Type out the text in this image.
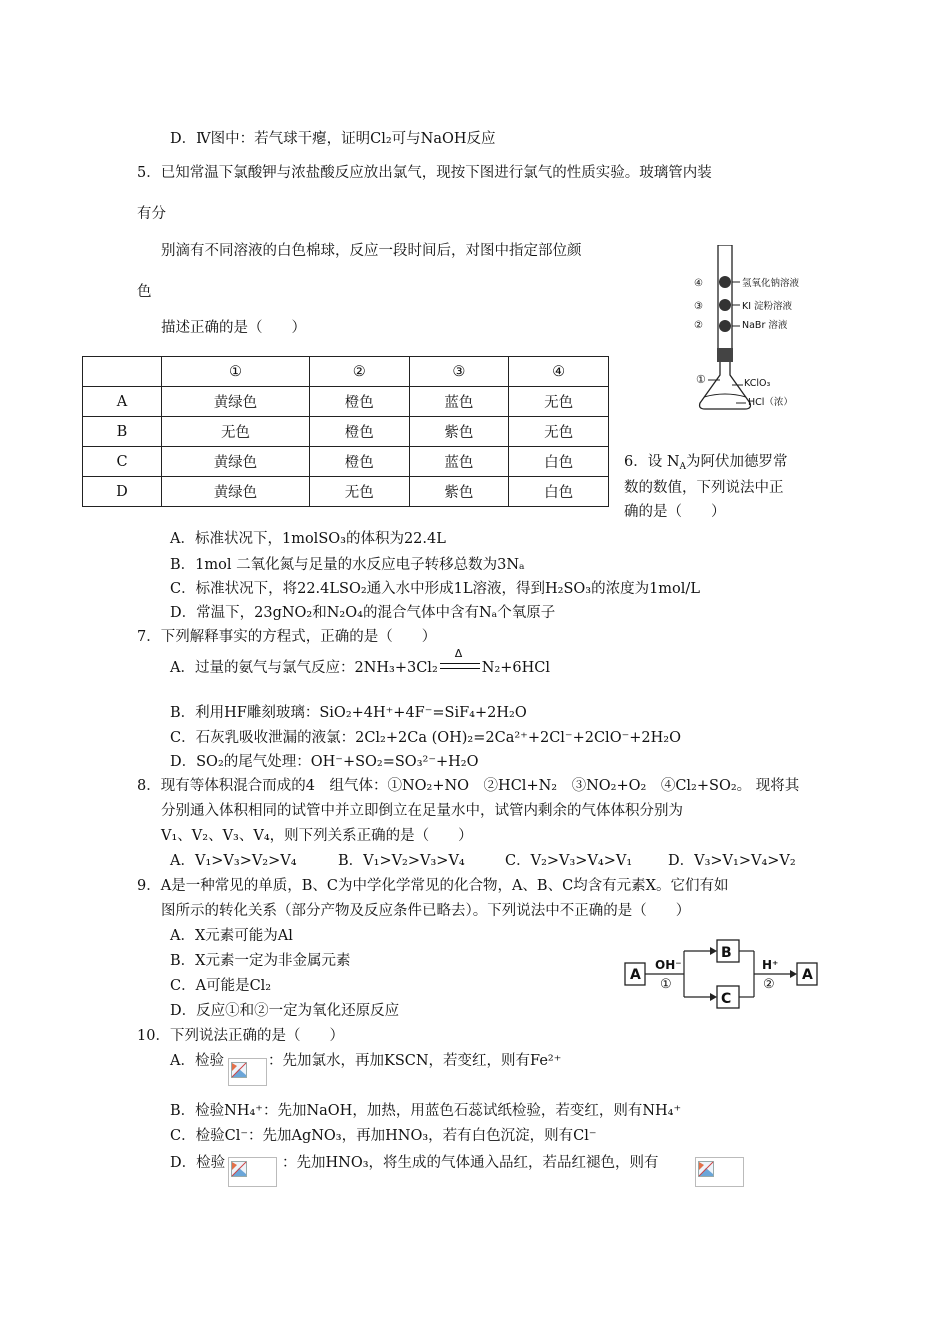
D．Ⅳ图中：若气球干瘪，证明Cl₂可与NaOH反应
5．已知常温下氯酸钾与浓盐酸反应放出氯气，现按下图进行氯气的性质实验。玻璃管内装
有分
别滴有不同溶液的白色棉球，反应一段时间后，对图中指定部位颜
色
描述正确的是（　　）
	①	②	③	④
A	黄绿色	橙色	蓝色	无色
B	无色	橙色	紫色	无色
C	黄绿色	橙色	蓝色	白色
D	黄绿色	无色	紫色	白色
④
③
②
氢氧化钠溶液
KI 淀粉溶液
NaBr 溶液
①	KClO₃
HCl（浓）
6．设 $N_A$为阿伏加德罗常
数的数值，下列说法中正
确的是（　　）
A．标准状况下，1molSO₃的体积为22.4L
B．1mol 二氧化氮与足量的水反应电子转移总数为3Nₐ
C．标准状况下，将22.4LSO₂通入水中形成1L溶液，得到H₂SO₃的浓度为1mol/L
D．常温下，23gNO₂和N₂O₄的混合气体中含有Nₐ个氧原子
7．下列解释事实的方程式，正确的是（　　）
A．过量的氨气与氯气反应：2NH₃+3Cl₂
Δ
N₂+6HCl
B．利用HF雕刻玻璃：SiO₂+4H⁺+4F⁻=SiF₄+2H₂O
C．石灰乳吸收泄漏的液氯：2Cl₂+2Ca (OH)₂=2Ca²⁺+2Cl⁻+2ClO⁻+2H₂O
D．SO₂的尾气处理：OH⁻+SO₂=SO₃²⁻+H₂O
8．现有等体积混合而成的4　组气体：①NO₂+NO　②HCl+N₂　③NO₂+O₂　④Cl₂+SO₂。 现将其
分别通入体积相同的试管中并立即倒立在足量水中，试管内剩余的气体体积分别为
V₁、V₂、V₃、V₄，则下列关系正确的是（　　）
A．V₁>V₃>V₂>V₄	B．V₁>V₂>V₃>V₄	C．V₂>V₃>V₄>V₁ D．V₃>V₁>V₄>V₂
9．A是一种常见的单质，B、C为中学化学常见的化合物，A、B、C均含有元素X。它们有如
图所示的转化关系（部分产物及反应条件已略去）。下列说法中不正确的是（　　）
A．X元素可能为Al
B．X元素一定为非金属元素
C．A可能是Cl₂
D．反应①和②一定为氧化还原反应
A
B
C
A
OH⁻
①
H⁺
②
10．下列说法正确的是（　　）
A．检验	：先加氯水，再加KSCN，若变红，则有Fe²⁺
B．检验NH₄⁺：先加NaOH，加热，用蓝色石蕊试纸检验，若变红，则有NH₄⁺
C．检验Cl⁻：先加AgNO₃，再加HNO₃，若有白色沉淀，则有Cl⁻
D．检验	：先加HNO₃，将生成的气体通入品红，若品红褪色，则有
